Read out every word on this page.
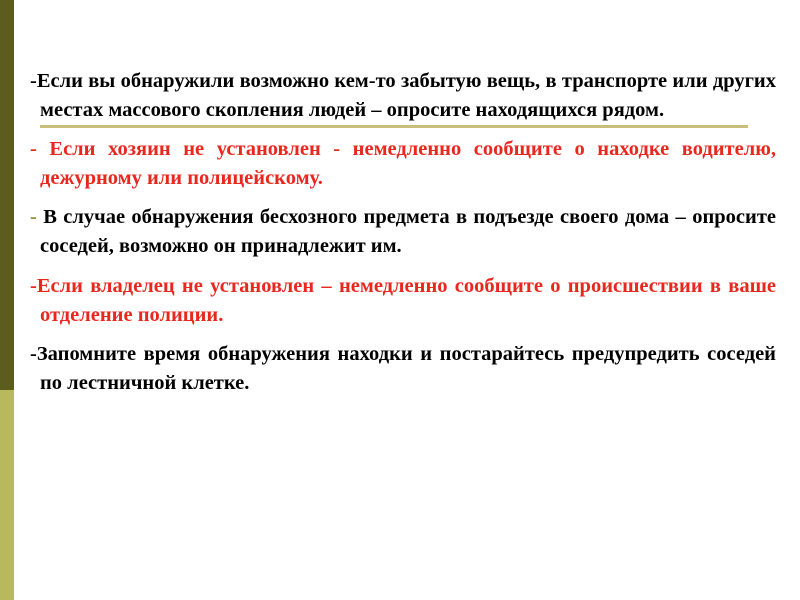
-Если вы обнаружили возможно кем-то забытую вещь, в транспорте или других местах массового скопления людей – опросите находящихся рядом.

- Если хозяин не установлен - немедленно сообщите о находке водителю, дежурному или полицейскому.

- В случае обнаружения бесхозного предмета в подъезде своего дома – опросите соседей, возможно он принадлежит им.

-Если владелец не установлен – немедленно сообщите о происшествии в ваше отделение полиции.

-Запомните время обнаружения находки и постарайтесь предупредить соседей по лестничной клетке.
